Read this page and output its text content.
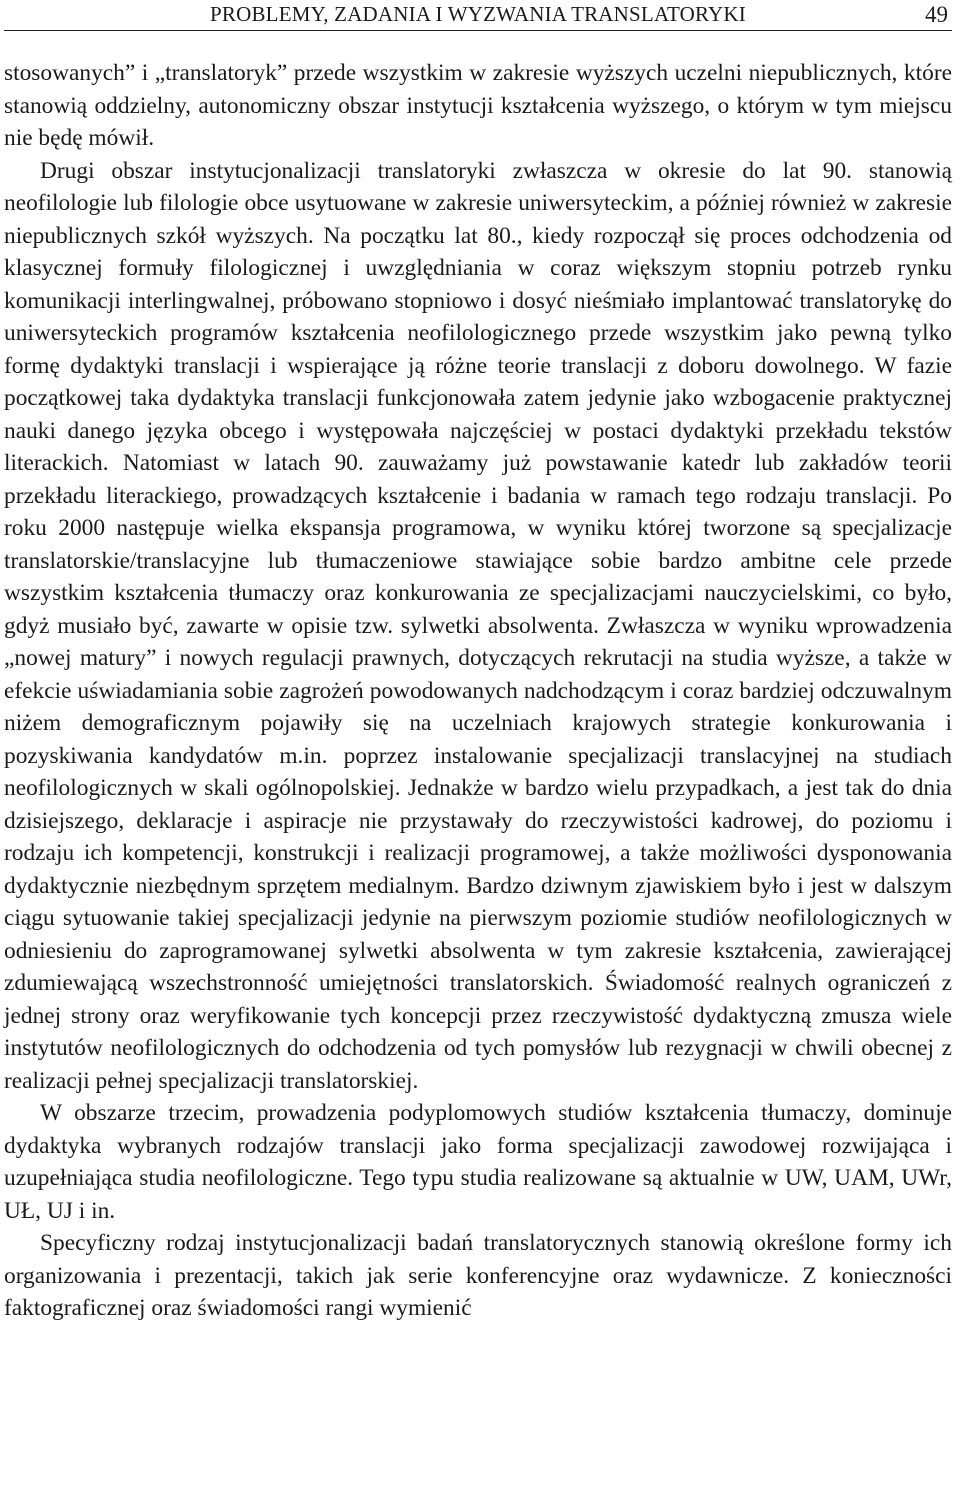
PROBLEMY, ZADANIA I WYZWANIA TRANSLATORYKI	49

stosowanych” i „translatoryk” przede wszystkim w zakresie wyższych uczelni niepublicznych, które stanowią oddzielny, autonomiczny obszar instytucji kształcenia wyższego, o którym w tym miejscu nie będę mówił.

Drugi obszar instytucjonalizacji translatoryki zwłaszcza w okresie do lat 90. stanowią neofilologie lub filologie obce usytuowane w zakresie uniwersyteckim, a później również w zakresie niepublicznych szkół wyższych. Na początku lat 80., kiedy rozpoczął się proces odchodzenia od klasycznej formuły filologicznej i uwzględniania w coraz większym stopniu potrzeb rynku komunikacji interlingwalnej, próbowano stopniowo i dosyć nieśmiało implantować translatorykę do uniwersyteckich programów kształcenia neofilologicznego przede wszystkim jako pewną tylko formę dydaktyki translacji i wspierające ją różne teorie translacji z doboru dowolnego. W fazie początkowej taka dydaktyka translacji funkcjonowała zatem jedynie jako wzbogacenie praktycznej nauki danego języka obcego i występowała najczęściej w postaci dydaktyki przekładu tekstów literackich. Natomiast w latach 90. zauważamy już powstawanie katedr lub zakładów teorii przekładu literackiego, prowadzących kształcenie i badania w ramach tego rodzaju translacji. Po roku 2000 następuje wielka ekspansja programowa, w wyniku której tworzone są specjalizacje translatorskie/translacyjne lub tłumaczeniowe stawiające sobie bardzo ambitne cele przede wszystkim kształcenia tłumaczy oraz konkurowania ze specjalizacjami nauczycielskimi, co było, gdyż musiało być, zawarte w opisie tzw. sylwetki absolwenta. Zwłaszcza w wyniku wprowadzenia „nowej matury” i nowych regulacji prawnych, dotyczących rekrutacji na studia wyższe, a także w efekcie uświadamiania sobie zagrożeń powodowanych nadchodzącym i coraz bardziej odczuwalnym niżem demograficznym pojawiły się na uczelniach krajowych strategie konkurowania i pozyskiwania kandydatów m.in. poprzez instalowanie specjalizacji translacyjnej na studiach neofilologicznych w skali ogólnopolskiej. Jednakże w bardzo wielu przypadkach, a jest tak do dnia dzisiejszego, deklaracje i aspiracje nie przystawały do rzeczywistości kadrowej, do poziomu i rodzaju ich kompetencji, konstrukcji i realizacji programowej, a także możliwości dysponowania dydaktycznie niezbędnym sprzętem medialnym. Bardzo dziwnym zjawiskiem było i jest w dalszym ciągu sytuowanie takiej specjalizacji jedynie na pierwszym poziomie studiów neofilologicznych w odniesieniu do zaprogramowanej sylwetki absolwenta w tym zakresie kształcenia, zawierającej zdumiewającą wszechstronność umiejętności translatorskich. Świadomość realnych ograniczeń z jednej strony oraz weryfikowanie tych koncepcji przez rzeczywistość dydaktyczną zmusza wiele instytutów neofilologicznych do odchodzenia od tych pomysłów lub rezygnacji w chwili obecnej z realizacji pełnej specjalizacji translatorskiej.

W obszarze trzecim, prowadzenia podyplomowych studiów kształcenia tłumaczy, dominuje dydaktyka wybranych rodzajów translacji jako forma specjalizacji zawodowej rozwijająca i uzupełniająca studia neofilologiczne. Tego typu studia realizowane są aktualnie w UW, UAM, UWr, UŁ, UJ i in.

Specyficzny rodzaj instytucjonalizacji badań translatorycznych stanowią określone formy ich organizowania i prezentacji, takich jak serie konferencyjne oraz wydawnicze. Z konieczności faktograficznej oraz świadomości rangi wymienić
